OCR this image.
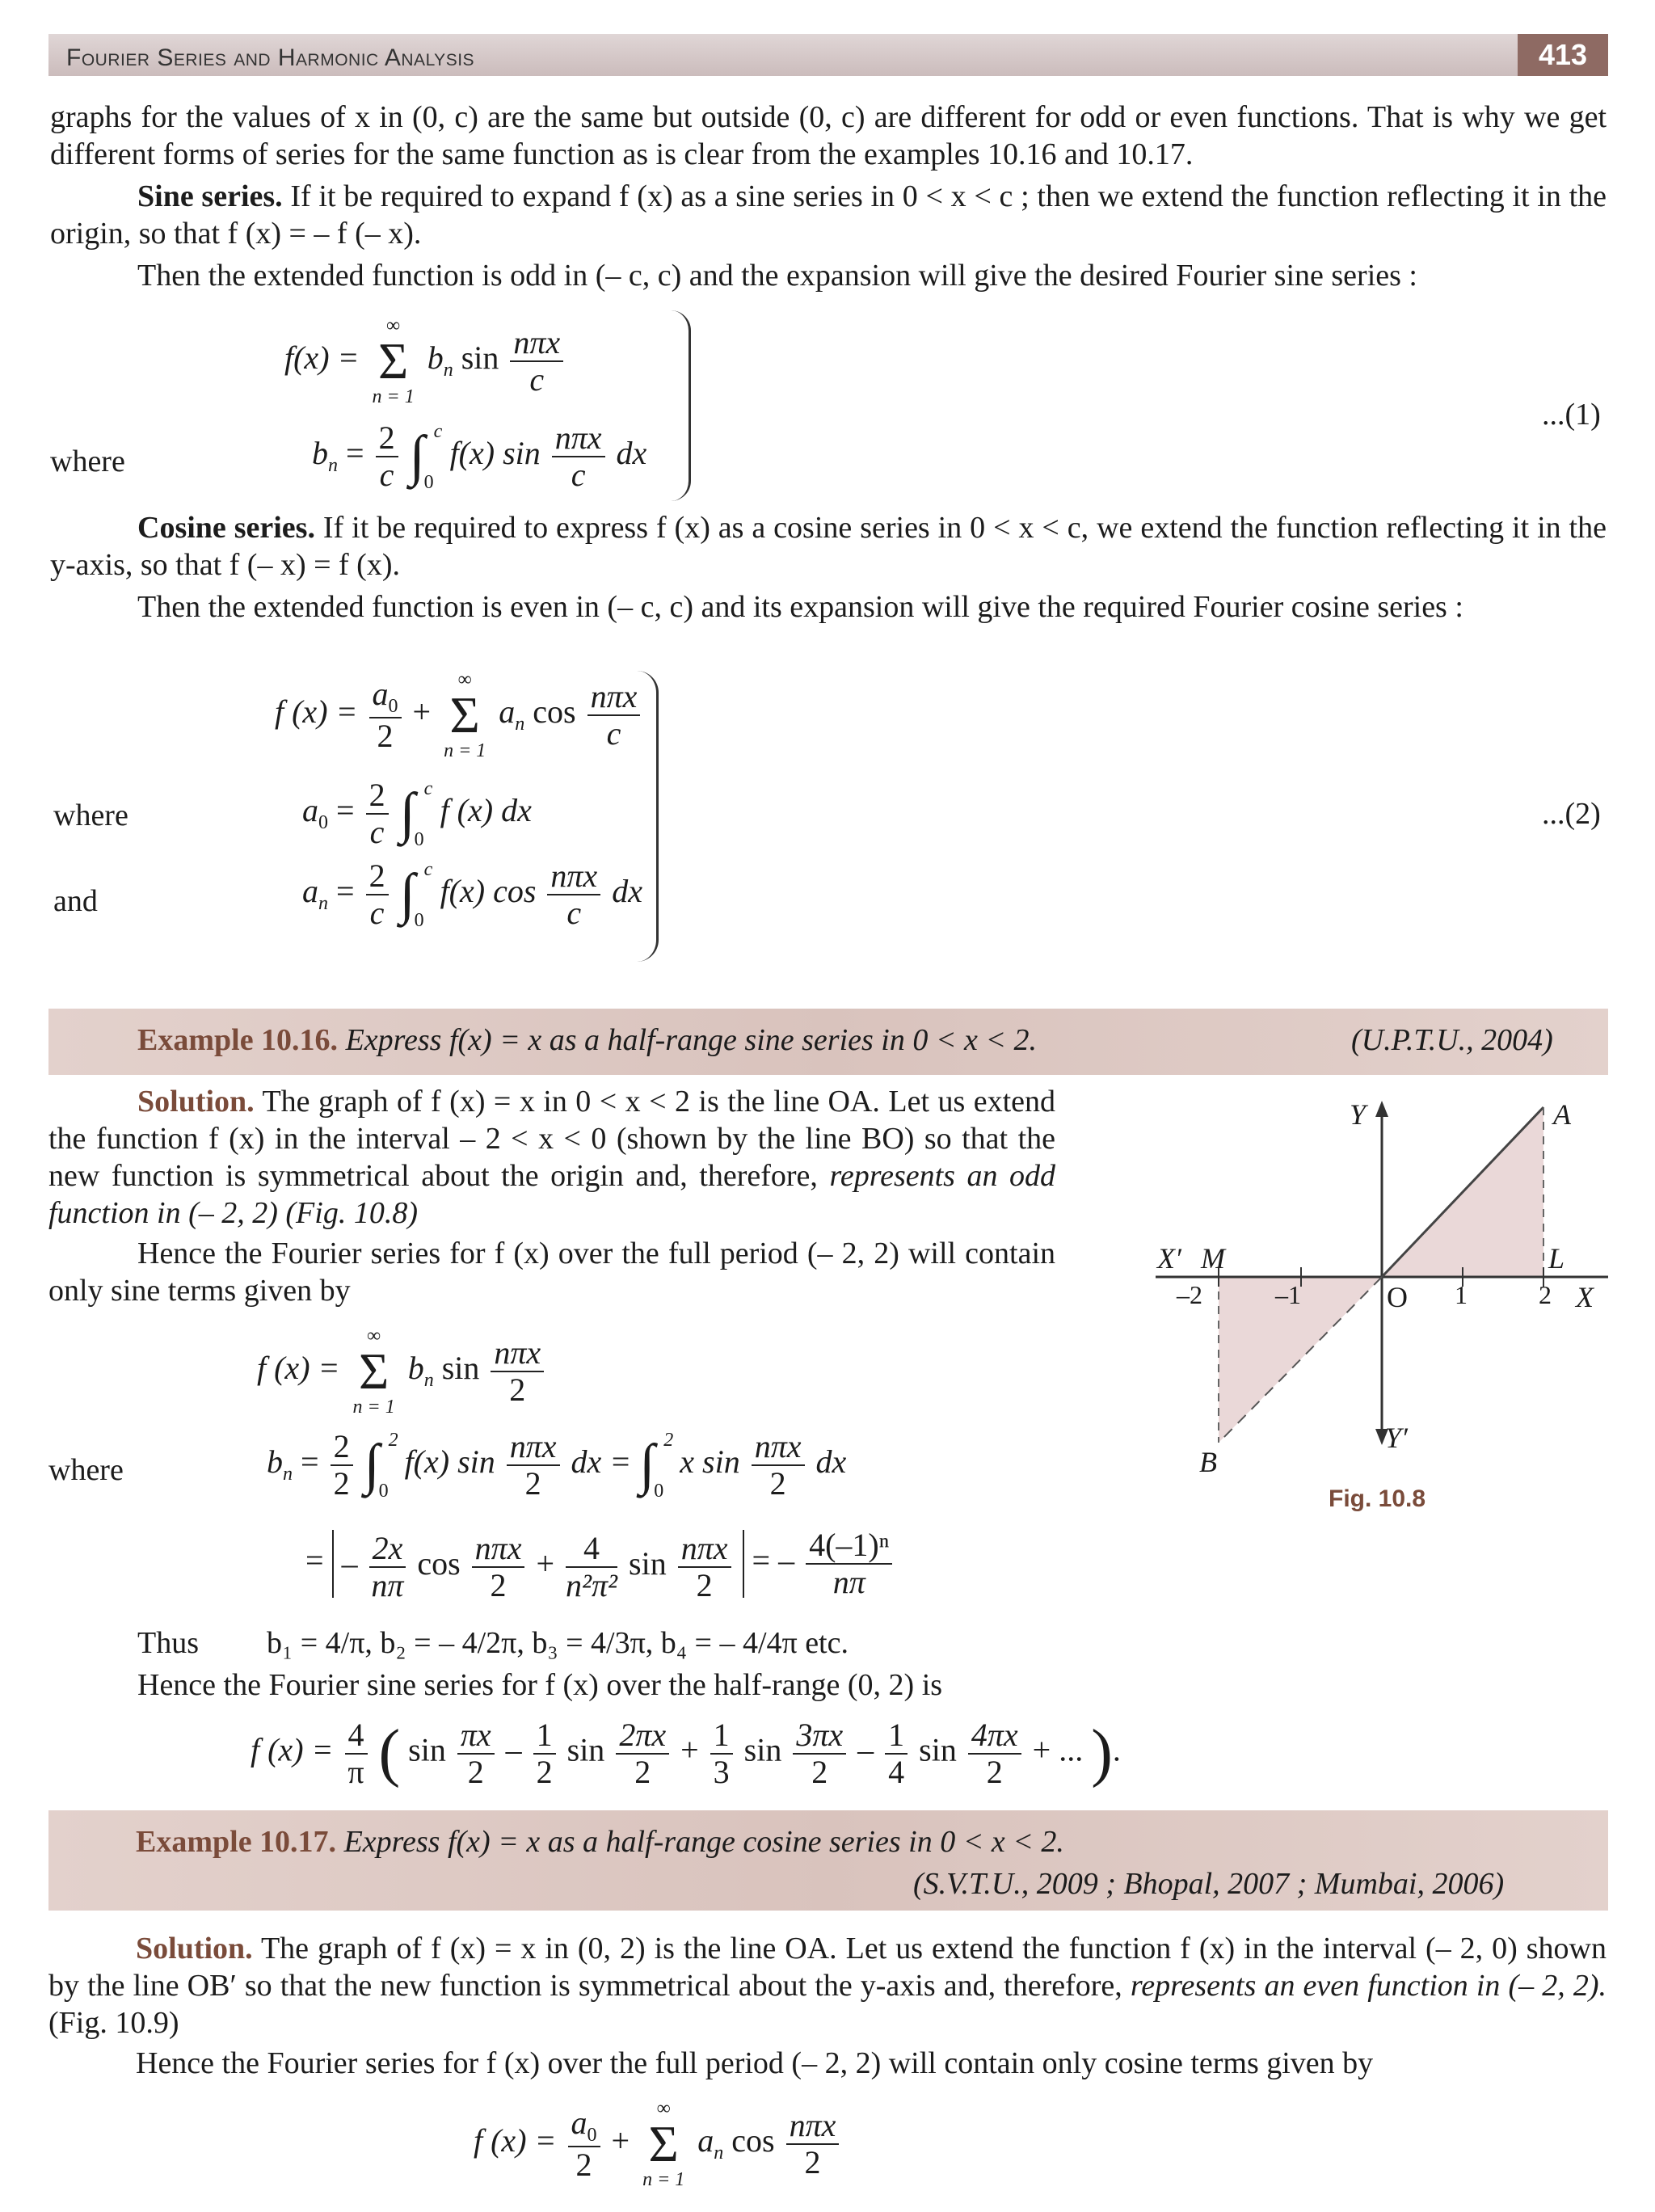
Fourier Series and Harmonic Analysis	413
graphs for the values of x in (0, c) are the same but outside (0, c) are different for odd or even functions. That is why we get different forms of series for the same function as is clear from the examples 10.16 and 10.17.
Sine series. If it be required to expand f (x) as a sine series in 0 < x < c ; then we extend the function reflecting it in the origin, so that f (x) = – f (– x).
Then the extended function is odd in (– c, c) and the expansion will give the desired Fourier sine series :
f(x) =
∞
Σ
n = 1
$b_n$ $\sin \frac{\text{nπx}}{c}$
where	$b_n = \frac{2}{c}$ ∫ c
0
f(x) $\sin \frac{\text{nπx}}{c}$ dx
...(1)
Cosine series. If it be required to express f (x) as a cosine series in 0 < x < c, we extend the function reflecting it in the y-axis, so that f (– x) = f (x).
Then the extended function is even in (– c, c) and its expansion will give the required Fourier cosine series :
f $(x) = \frac{a_0}{2}$ +
∞
Σ
n = 1
$a_n$ $\cos \frac{\text{nπx}}{c}$
where	$a_0 = \frac{2}{c}$ ∫ c
0
f (x) dx
and	$a_n = \frac{2}{c}$ ∫ c
0
f(x) $\cos \frac{\text{nπx}}{c}$ dx
...(2)
Example 10.16. Express f(x) = x as a half-range sine series in 0 < x < 2.	(U.P.T.U., 2004)
Solution. The graph of f (x) = x in 0 < x < 2 is the line OA. Let us extend the function f (x) in the interval – 2 < x < 0 (shown by the line BO) so that the new function is symmetrical about the origin and, therefore, represents an odd function in (– 2, 2) (Fig. 10.8)
Hence the Fourier series for f (x) over the full period (– 2, 2) will contain only sine terms given by
Y	A
X′ M	L
–2	–1	O 1	2 X
B
Y′
Fig. 10.8
f (x) =
∞
Σ
n = 1
$b_n$ $\sin \frac{\text{nπx}}{2}$
where	$b_n = \frac{2}{2}$ ∫ 2
0
f(x) $\sin \frac{\text{nπx}}{2}$ dx = ∫ 2
0
x $\sin \frac{\text{nπx}}{2}$ dx
= – $\frac{2x}{n\pi}$ $\cos \frac{\text{nπx}}{2} + \frac{4}{\text{n²π²}}$ $\sin \frac{\text{nπx}}{2}$ = – $\frac{\text{4(–1)ⁿ}}{n\pi}$
Thus b₁ = 4/π, b₂ = – 4/2π, b₃ = 4/3π, b₄ = – 4/4π etc.
Hence the Fourier sine series for f (x) over the half-range (0, 2) is
f $(x) = \frac{4}{\pi}$ ( $\sin \frac{\pi x}{2} - \frac{1}{2}$ $\sin \frac{2\pi x}{2} + \frac{1}{3}$ $\sin \frac{3\pi x}{2} - \frac{1}{4}$ $\sin \frac{4\pi x}{2}$ + ... ).
Example 10.17. Express f(x) = x as a half-range cosine series in 0 < x < 2.
(S.V.T.U., 2009 ; Bhopal, 2007 ; Mumbai, 2006)
Solution. The graph of f (x) = x in (0, 2) is the line OA. Let us extend the function f (x) in the interval (– 2, 0) shown by the line OB′ so that the new function is symmetrical about the y-axis and, therefore, represents an even function in (– 2, 2). (Fig. 10.9)
Hence the Fourier series for f (x) over the full period (– 2, 2) will contain only cosine terms given by
f $(x) = \frac{a_0}{2}$ +
∞
Σ
n = 1
$a_n$ $\cos \frac{\text{nπx}}{2}$
